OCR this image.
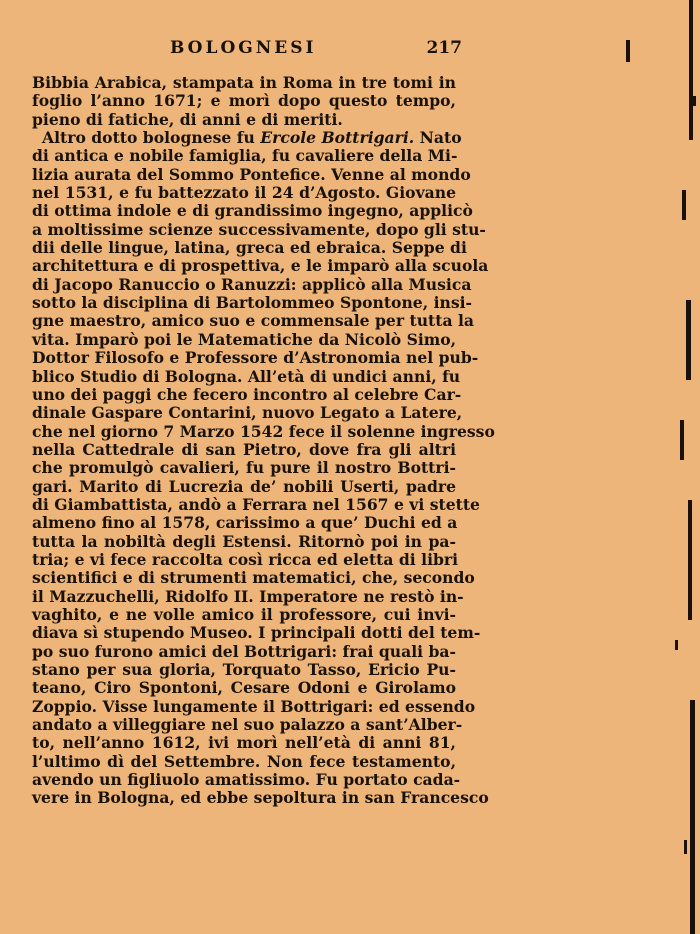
BOLOGNESI	217
Bibbia Arabica, stampata in Roma in tre tomi in
foglio l’anno 1671; e morì dopo questo tempo,
pieno di fatiche, di anni e di meriti.
Altro dotto bolognese fu Ercole Bottrigari. Nato
di antica e nobile famiglia, fu cavaliere della Mi-
lizia aurata del Sommo Pontefice. Venne al mondo
nel 1531, e fu battezzato il 24 d’Agosto. Giovane
di ottima indole e di grandissimo ingegno, applicò
a moltissime scienze successivamente, dopo gli stu-
dii delle lingue, latina, greca ed ebraica. Seppe di
architettura e di prospettiva, e le imparò alla scuola
di Jacopo Ranuccio o Ranuzzi: applicò alla Musica
sotto la disciplina di Bartolommeo Spontone, insi-
gne maestro, amico suo e commensale per tutta la
vita. Imparò poi le Matematiche da Nicolò Simo,
Dottor Filosofo e Professore d’Astronomia nel pub-
blico Studio di Bologna. All’età di undici anni, fu
uno dei paggi che fecero incontro al celebre Car-
dinale Gaspare Contarini, nuovo Legato a Latere,
che nel giorno 7 Marzo 1542 fece il solenne ingresso
nella Cattedrale di san Pietro, dove fra gli altri
che promulgò cavalieri, fu pure il nostro Bottri-
gari. Marito di Lucrezia de’ nobili Userti, padre
di Giambattista, andò a Ferrara nel 1567 e vi stette
almeno fino al 1578, carissimo a que’ Duchi ed a
tutta la nobiltà degli Estensi. Ritornò poi in pa-
tria; e vi fece raccolta così ricca ed eletta di libri
scientifici e di strumenti matematici, che, secondo
il Mazzuchelli, Ridolfo II. Imperatore ne restò in-
vaghito, e ne volle amico il professore, cui invi-
diava sì stupendo Museo. I principali dotti del tem-
po suo furono amici del Bottrigari: frai quali ba-
stano per sua gloria, Torquato Tasso, Ericio Pu-
teano, Ciro Spontoni, Cesare Odoni e Girolamo
Zoppio. Visse lungamente il Bottrigari: ed essendo
andato a villeggiare nel suo palazzo a sant’Alber-
to, nell’anno 1612, ivi morì nell’età di anni 81,
l’ultimo dì del Settembre. Non fece testamento,
avendo un figliuolo amatissimo. Fu portato cada-
vere in Bologna, ed ebbe sepoltura in san Francesco
